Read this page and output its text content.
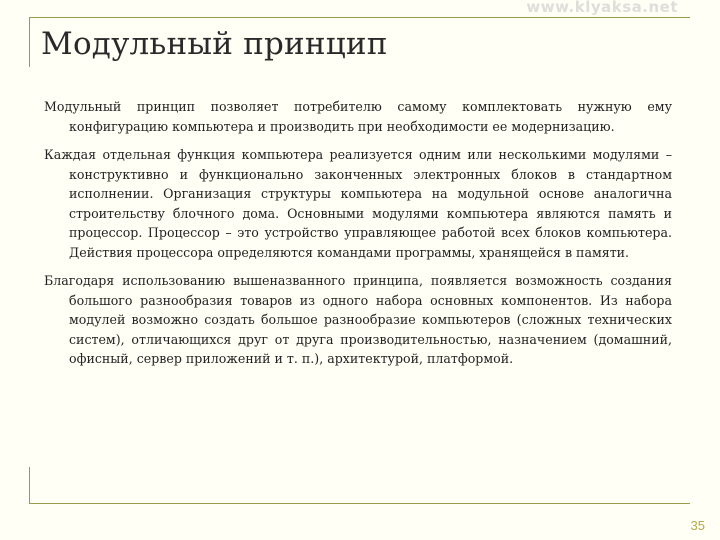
www.klyaksa.net
Модульный принцип

Модульный принцип позволяет потребителю самому комплектовать нужную ему конфигурацию компьютера и производить при необходимости ее модернизацию.

Каждая отдельная функция компьютера реализуется одним или несколькими модулями – конструктивно и функционально законченных электронных блоков в стандартном исполнении. Организация структуры компьютера на модульной основе аналогична строительству блочного дома. Основными модулями компьютера являются память и процессор. Процессор – это устройство управляющее работой всех блоков компьютера. Действия процессора определяются командами программы, хранящейся в памяти.

Благодаря использованию вышеназванного принципа, появляется возможность создания большого разнообразия товаров из одного набора основных компонентов. Из набора модулей возможно создать большое разнообразие компьютеров (сложных технических систем), отличающихся друг от друга производительностью, назначением (домашний, офисный, сервер приложений и т. п.), архитектурой, платформой.

35
